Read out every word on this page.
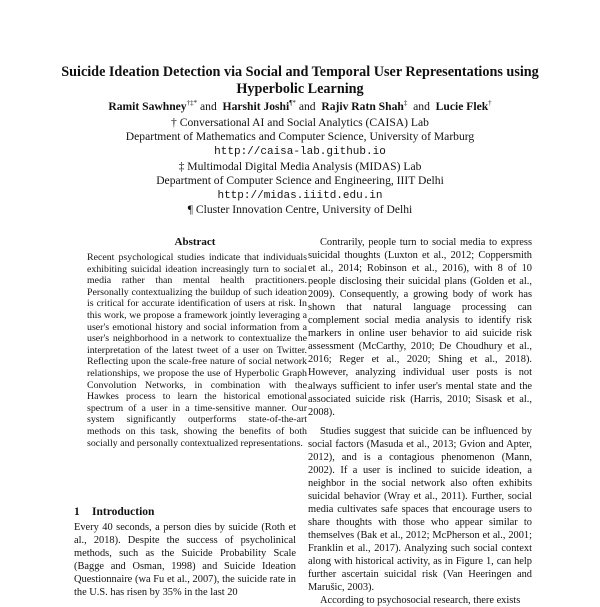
Suicide Ideation Detection via Social and Temporal User Representations using Hyperbolic Learning
Ramit Sawhney†‡* and Harshit Joshi¶* and Rajiv Ratn Shah‡ and Lucie Flek†
† Conversational AI and Social Analytics (CAISA) Lab
Department of Mathematics and Computer Science, University of Marburg
http://caisa-lab.github.io
‡ Multimodal Digital Media Analysis (MIDAS) Lab
Department of Computer Science and Engineering, IIIT Delhi
http://midas.iiitd.edu.in
¶ Cluster Innovation Centre, University of Delhi
Abstract
Recent psychological studies indicate that individuals exhibiting suicidal ideation increasingly turn to social media rather than mental health practitioners. Personally contextualizing the buildup of such ideation is critical for accurate identification of users at risk. In this work, we propose a framework jointly leveraging a user's emotional history and social information from a user's neighborhood in a network to contextualize the interpretation of the latest tweet of a user on Twitter. Reflecting upon the scale-free nature of social network relationships, we propose the use of Hyperbolic Graph Convolution Networks, in combination with the Hawkes process to learn the historical emotional spectrum of a user in a time-sensitive manner. Our system significantly outperforms state-of-the-art methods on this task, showing the benefits of both socially and personally contextualized representations.
1 Introduction
Every 40 seconds, a person dies by suicide (Roth et al., 2018). Despite the success of psycholinical methods, such as the Suicide Probability Scale (Bagge and Osman, 1998) and Suicide Ideation Questionnaire (wa Fu et al., 2007), the suicide rate in the U.S. has risen by 35% in the last 20

Contrarily, people turn to social media to express suicidal thoughts (Luxton et al., 2012; Coppersmith et al., 2014; Robinson et al., 2016), with 8 of 10 people disclosing their suicidal plans (Golden et al., 2009). Consequently, a growing body of work has shown that natural language processing can complement social media analysis to identify risk markers in online user behavior to aid suicide risk assessment (McCarthy, 2010; De Choudhury et al., 2016; Reger et al., 2020; Shing et al., 2018). However, analyzing individual user posts is not always sufficient to infer user's mental state and the associated suicide risk (Harris, 2010; Sisask et al., 2008).

Studies suggest that suicide can be influenced by social factors (Masuda et al., 2013; Gvion and Apter, 2012), and is a contagious phenomenon (Mann, 2002). If a user is inclined to suicide ideation, a neighbor in the social network also often exhibits suicidal behavior (Wray et al., 2011). Further, social media cultivates safe spaces that encourage users to share thoughts with those who appear similar to themselves (Bak et al., 2012; McPherson et al., 2001; Franklin et al., 2017). Analyzing such social context along with historical activity, as in Figure 1, can help further ascertain suicidal risk (Van Heeringen and Marušic, 2003).

According to psychosocial research, there exists
